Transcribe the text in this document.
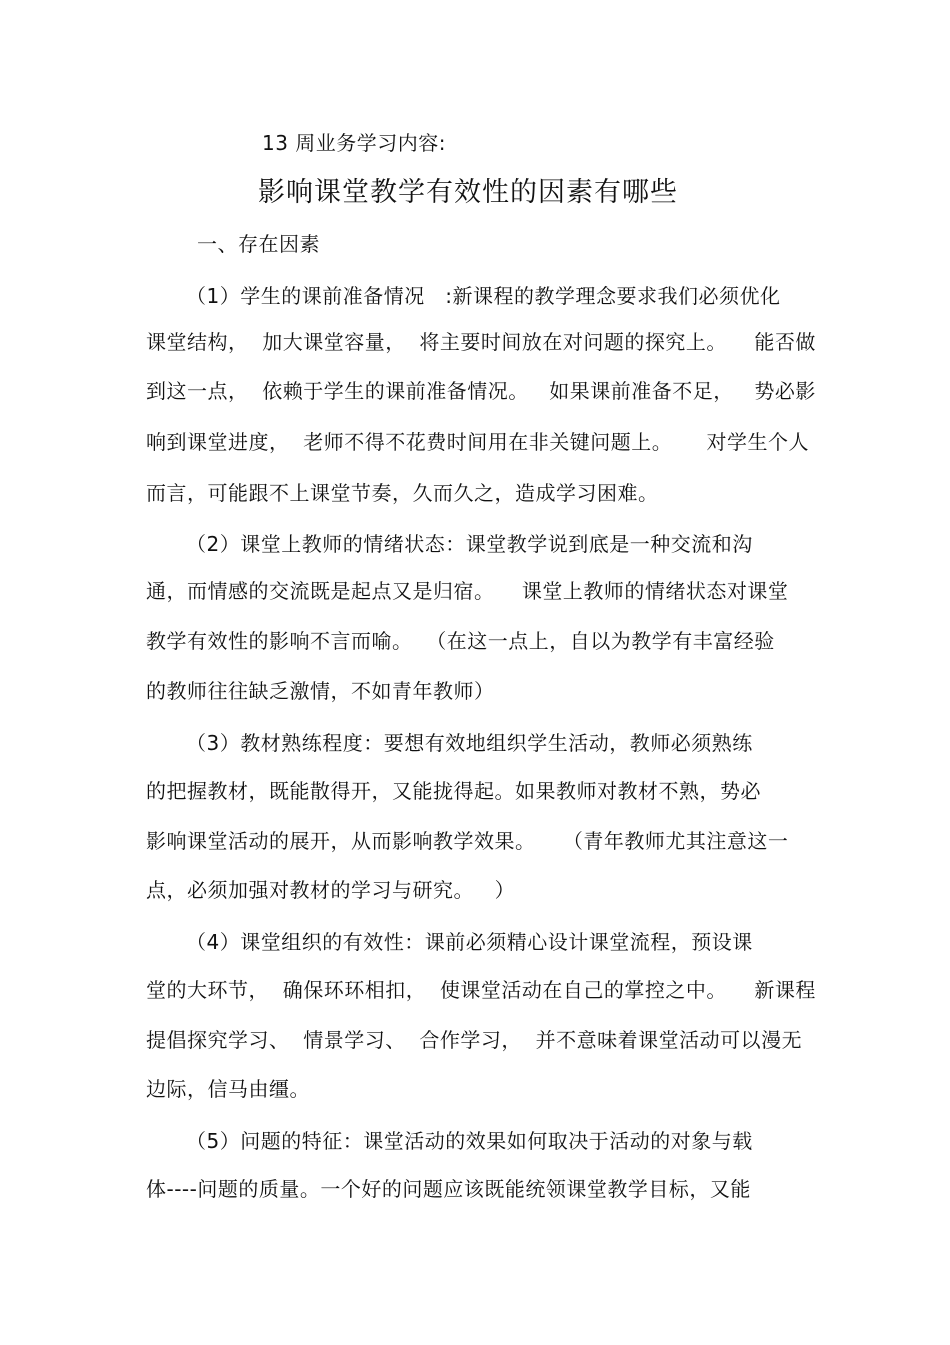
13 周业务学习内容:
影响课堂教学有效性的因素有哪些
一、存在因素
（1）学生的课前准备情况   :新课程的教学理念要求我们必须优化
课堂结构，  加大课堂容量，  将主要时间放在对问题的探究上。    能否做
到这一点，  依赖于学生的课前准备情况。   如果课前准备不足，   势必影
响到课堂进度，  老师不得不花费时间用在非关键问题上。     对学生个人
而言，可能跟不上课堂节奏，久而久之，造成学习困难。
（2）课堂上教师的情绪状态：课堂教学说到底是一种交流和沟
通，而情感的交流既是起点又是归宿。    课堂上教师的情绪状态对课堂
教学有效性的影响不言而喻。  （在这一点上，自以为教学有丰富经验
的教师往往缺乏激情，不如青年教师）
（3）教材熟练程度：要想有效地组织学生活动，教师必须熟练
的把握教材，既能散得开，又能拢得起。如果教师对教材不熟，势必
影响课堂活动的展开，从而影响教学效果。    （青年教师尤其注意这一
点，必须加强对教材的学习与研究。   ）
（4）课堂组织的有效性：课前必须精心设计课堂流程，预设课
堂的大环节，  确保环环相扣，  使课堂活动在自己的掌控之中。    新课程
提倡探究学习、  情景学习、  合作学习，  并不意味着课堂活动可以漫无
边际，信马由缰。
（5）问题的特征：课堂活动的效果如何取决于活动的对象与载
体----问题的质量。一个好的问题应该既能统领课堂教学目标，又能
